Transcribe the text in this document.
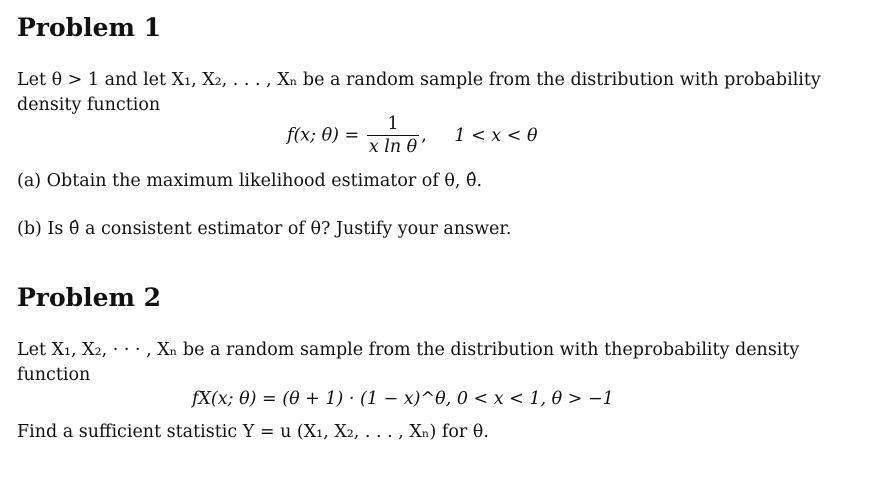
Problem 1
Let θ > 1 and let X₁, X₂, . . . , Xₙ be a random sample from the distribution with probability
density function
f(x; $\theta) = \frac{1}{\text{x ln θ}}$ , 1 < x < θ
(a) Obtain the maximum likelihood estimator of θ, θ̂.
(b) Is θ̂ a consistent estimator of θ? Justify your answer.
Problem 2
Let X₁, X₂, · · · , Xₙ be a random sample from the distribution with theprobability density
function
fX(x; θ) = (θ + 1) · (1 − x)^θ, 0 < x < 1, θ > −1
Find a sufficient statistic Y = u (X₁, X₂, . . . , Xₙ) for θ.
